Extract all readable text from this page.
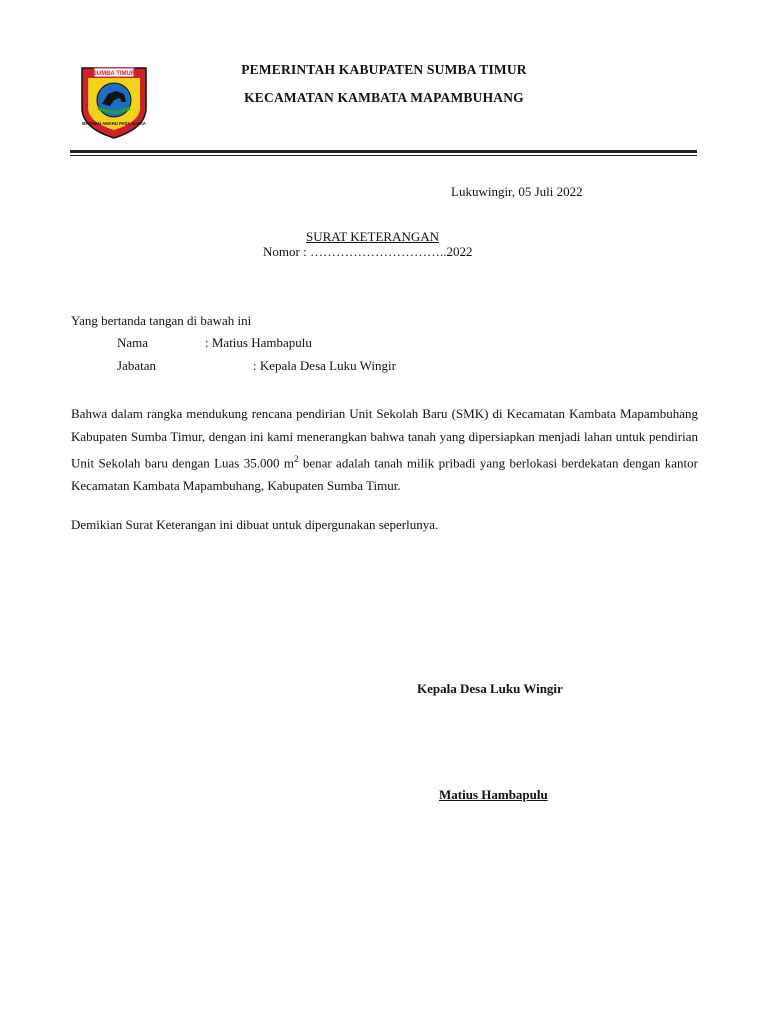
SUMBA TIMUR
MATAWAI AMAHU PADA NJARA
PEMERINTAH KABUPATEN SUMBA TIMUR
KECAMATAN KAMBATA MAPAMBUHANG
Lukuwingir, 05 Juli 2022
SURAT KETERANGAN
Nomor : …………………………..2022
Yang bertanda tangan di bawah ini
Nama	: Matius Hambapulu
Jabatan	: Kepala Desa Luku Wingir
Bahwa dalam rangka mendukung rencana pendirian Unit Sekolah Baru (SMK) di Kecamatan Kambata Mapambuhang Kabupaten Sumba Timur, dengan ini kami menerangkan bahwa tanah yang dipersiapkan menjadi lahan untuk pendirian Unit Sekolah baru dengan Luas 35.000 $m^2$ benar adalah tanah milik pribadi yang berlokasi berdekatan dengan kantor Kecamatan Kambata Mapambuhang, Kabupaten Sumba Timur.
Demikian Surat Keterangan ini dibuat untuk dipergunakan seperlunya.
Kepala Desa Luku Wingir
Matius Hambapulu
